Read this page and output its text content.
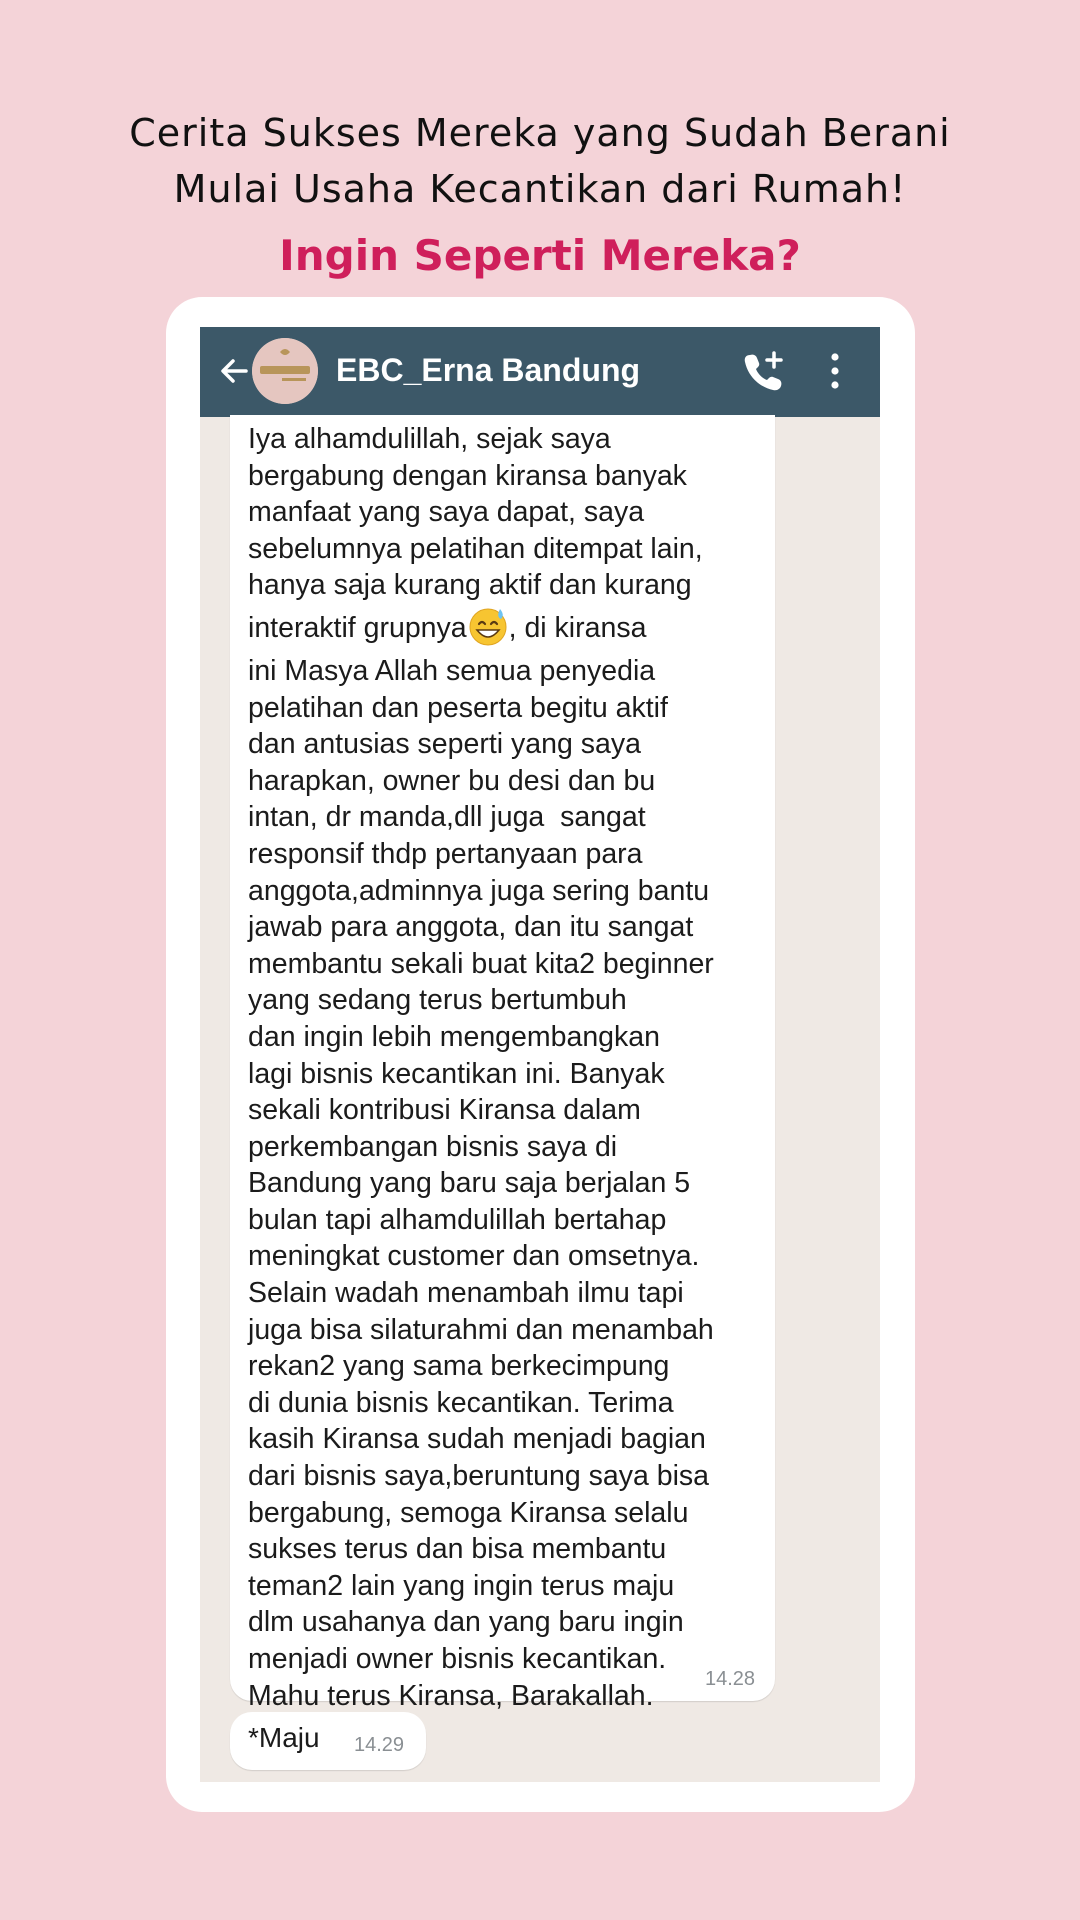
Cerita Sukses Mereka yang Sudah Berani
Mulai Usaha Kecantikan dari Rumah!
Ingin Seperti Mereka?
EBC_Erna Bandung
Iya alhamdulillah, sejak saya
bergabung dengan kiransa banyak
manfaat yang saya dapat, saya
sebelumnya pelatihan ditempat lain,
hanya saja kurang aktif dan kurang
interaktif grupnya , di kiransa
ini Masya Allah semua penyedia
pelatihan dan peserta begitu aktif
dan antusias seperti yang saya
harapkan, owner bu desi dan bu
intan, dr manda,dll juga  sangat
responsif thdp pertanyaan para
anggota,adminnya juga sering bantu
jawab para anggota, dan itu sangat
membantu sekali buat kita2 beginner
yang sedang terus bertumbuh
dan ingin lebih mengembangkan
lagi bisnis kecantikan ini. Banyak
sekali kontribusi Kiransa dalam
perkembangan bisnis saya di
Bandung yang baru saja berjalan 5
bulan tapi alhamdulillah bertahap
meningkat customer dan omsetnya.
Selain wadah menambah ilmu tapi
juga bisa silaturahmi dan menambah
rekan2 yang sama berkecimpung
di dunia bisnis kecantikan. Terima
kasih Kiransa sudah menjadi bagian
dari bisnis saya,beruntung saya bisa
bergabung, semoga Kiransa selalu
sukses terus dan bisa membantu
teman2 lain yang ingin terus maju
dlm usahanya dan yang baru ingin
menjadi owner bisnis kecantikan.
Mahu terus Kiransa, Barakallah.
14.28
*Maju 14.29
